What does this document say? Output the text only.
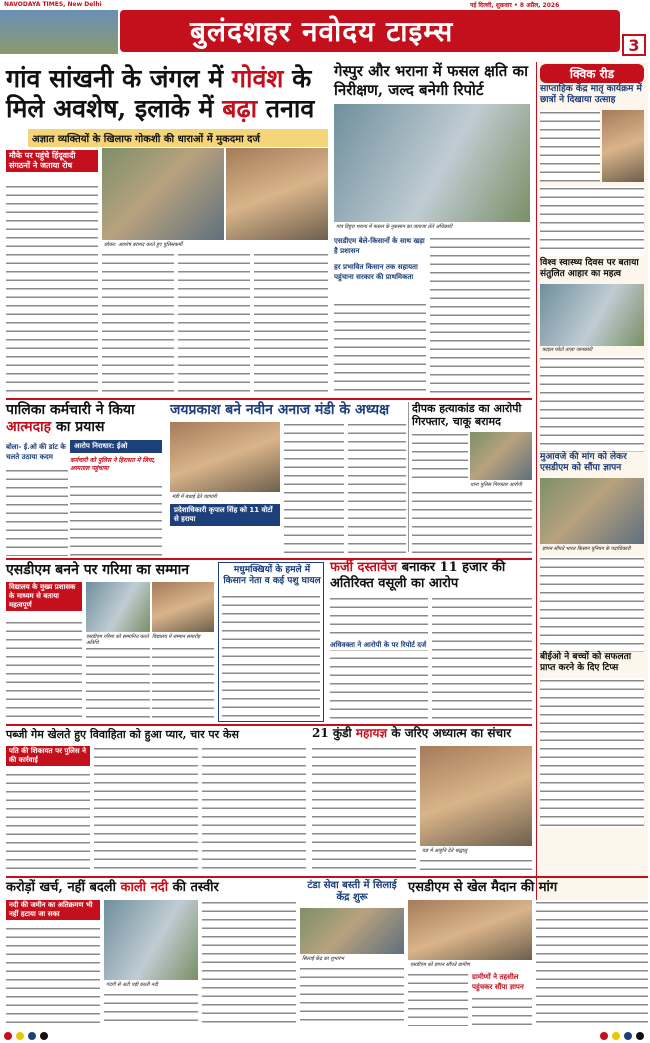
NAVODAYA TIMES, New Delhi
बुलंदशहर नवोदय टाइम्स
नई दिल्ली, शुक्रवार • 8 अप्रैल, 2026
3
गांव सांखनी के जंगल में गोवंश के
मिले अवशेष, इलाके में बढ़ा तनाव
अज्ञात व्यक्तियों के खिलाफ गोकशी की धाराओं में मुकदमा दर्ज
मौके पर पहुंचे हिंदूवादी संगठनों ने जताया रोष
छोकर: अवशेष बरामद करते हुए पुलिसकर्मी
गेस्पुर और भराना में फसल क्षति का निरीक्षण, जल्द बनेगी रिपोर्ट
गांव डिहुरा भराना में फसल के नुकसान का जायजा लेते अधिकारी
एसडीएम बेले-किसानों के साथ खड़ा है प्रशासन
हर प्रभावित किसान तक सहायता पहुंचाना सरकार की प्राथमिकता
क्विक रीड
साप्ताहिक केंद्र मातृ कार्यक्रम में छात्रों ने दिखाया उत्साह
विश्व स्वास्थ्य दिवस पर बताया संतुलित आहार का महत्व
फ़ाइल फोटो ताज़ा जानकारी
मुआवजे की मांग को लेकर एसडीएम को सौंपा ज्ञापन
ज्ञापन सौंपते भारत किसान यूनियन के पदाधिकारी
बीईओ ने बच्चों को सफलता प्राप्त करने के दिए टिप्स
पालिका कर्मचारी ने किया आत्मदाह का प्रयास
आरोप निराधार: ईओ
बोला- ई.ओ की डांट के चलते उठाया कदम	कर्मचारी को पुलिस ने हिरासत में लिया, अस्पताल पहुंचाया
जयप्रकाश बने नवीन अनाज मंडी के अध्यक्ष
मंडी में बधाई देते व्यापारी
प्रदेशाधिकारी कृपाल सिंह को 11 वोटों से हराया
दीपक हत्याकांड का आरोपी गिरफ्तार, चाकू बरामद
थाना पुलिस गिरफ्तार आरोपी
एसडीएम बनने पर गरिमा का सम्मान
विद्यालय के मुख्य प्रशासक के माध्यम से बताया महत्वपूर्ण
एसडीएम गरिमा को सम्मानित करते अतिथि
विद्यालय में सम्मान समारोह
मधुमक्खियों के हमले में किसान नेता व कई पशु घायल
फर्जी दस्तावेज बनाकर 11 हजार की अतिरिक्त वसूली का आरोप
अधिवक्ता ने आरोपी के पर रिपोर्ट दर्ज
पब्जी गेम खेलते हुए विवाहिता को हुआ प्यार, चार पर केस
पति की शिकायत पर पुलिस ने की कार्रवाई
21 कुंडी महायज्ञ के जरिए अध्यात्म का संचार
यज्ञ में आहुति देते श्रद्धालु
करोड़ों खर्च, नहीं बदली काली नदी की तस्वीर
नदी की जमीन का अतिक्रमण भी नहीं हटाया जा सका
गंदगी से अटी पड़ी काली नदी
टंडा सेवा बस्ती में सिलाई केंद्र शुरू
सिलाई केंद्र का शुभारंभ
एसडीएम से खेल मैदान की मांग
एसडीएम को ज्ञापन सौंपते ग्रामीण
ग्रामीणों ने तहसील पहुंचकर सौंपा ज्ञापन
